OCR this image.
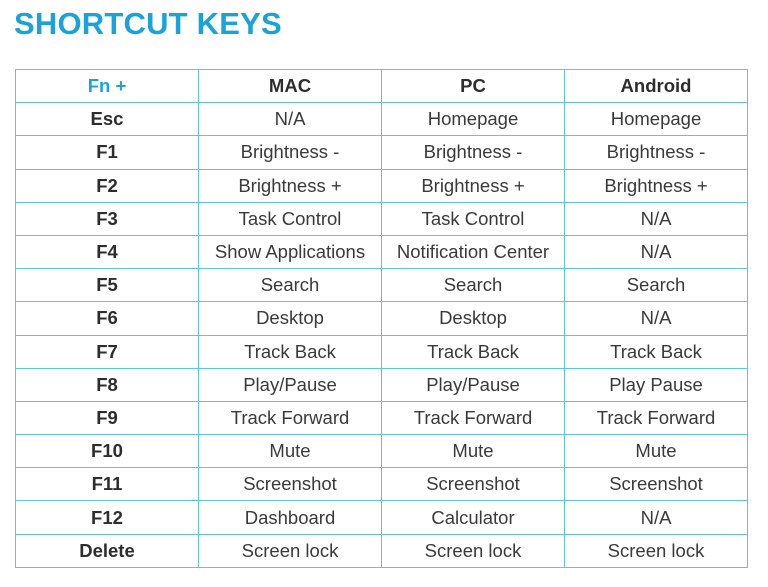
SHORTCUT KEYS
Fn +	MAC	PC	Android
Esc	N/A	Homepage	Homepage
F1	Brightness -	Brightness -	Brightness -
F2	Brightness +	Brightness +	Brightness +
F3	Task Control	Task Control	N/A
F4	Show Applications	Notification Center	N/A
F5	Search	Search	Search
F6	Desktop	Desktop	N/A
F7	Track Back	Track Back	Track Back
F8	Play/Pause	Play/Pause	Play Pause
F9	Track Forward	Track Forward	Track Forward
F10	Mute	Mute	Mute
F11	Screenshot	Screenshot	Screenshot
F12	Dashboard	Calculator	N/A
Delete	Screen lock	Screen lock	Screen lock
